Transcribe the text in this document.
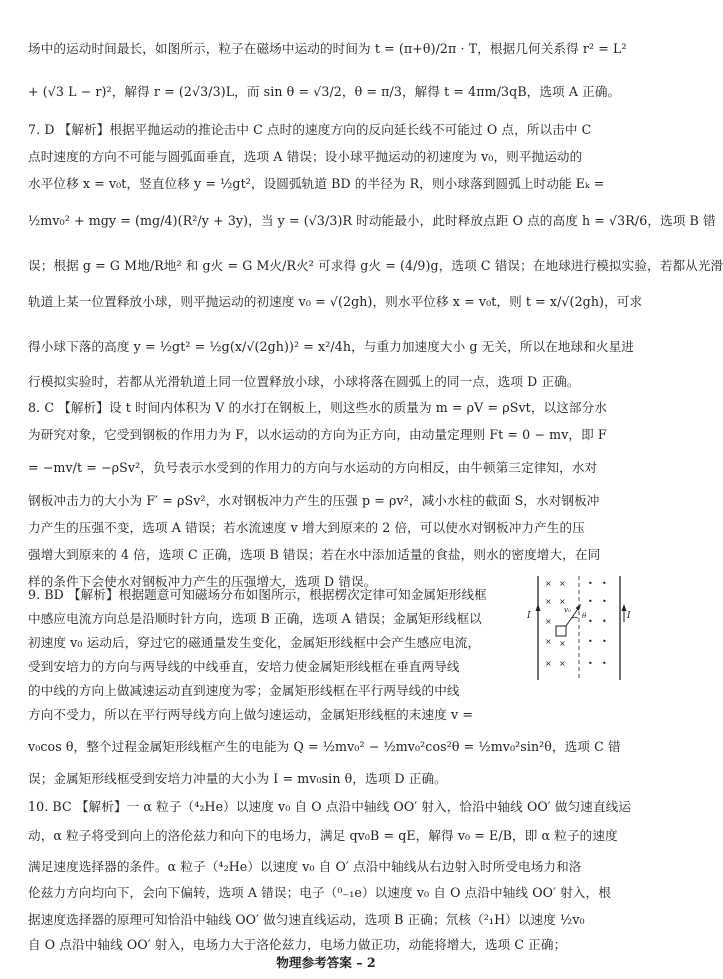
场中的运动时间最长，如图所示，粒子在磁场中运动的时间为 t = (π+θ)/2π · T，根据几何关系得 r² = L²
+ (√3 L − r)²，解得 r = (2√3/3)L，而 sin θ = √3/2，θ = π/3，解得 t = 4πm/3qB，选项 A 正确。
7. D 【解析】根据平抛运动的推论击中 C 点时的速度方向的反向延长线不可能过 O 点，所以击中 C
点时速度的方向不可能与圆弧面垂直，选项 A 错误；设小球平抛运动的初速度为 v₀，则平抛运动的
水平位移 x = v₀t，竖直位移 y = ½gt²，设圆弧轨道 BD 的半径为 R，则小球落到圆弧上时动能 Eₖ =
½mv₀² + mgy = (mg/4)(R²/y + 3y)，当 y = (√3/3)R 时动能最小，此时释放点距 O 点的高度 h = √3R/6，选项 B 错
误；根据 g = G M地/R地² 和 g火 = G M火/R火² 可求得 g火 = (4/9)g，选项 C 错误；在地球进行模拟实验，若都从光滑
轨道上某一位置释放小球，则平抛运动的初速度 v₀ = √(2gh)，则水平位移 x = v₀t，则 t = x/√(2gh)，可求
得小球下落的高度 y = ½gt² = ½g(x/√(2gh))² = x²/4h，与重力加速度大小 g 无关，所以在地球和火星进
行模拟实验时，若都从光滑轨道上同一位置释放小球，小球将落在圆弧上的同一点，选项 D 正确。
8. C 【解析】设 t 时间内体积为 V 的水打在钢板上，则这些水的质量为 m = ρV = ρSvt，以这部分水
为研究对象，它受到钢板的作用力为 F，以水运动的方向为正方向，由动量定理则 Ft = 0 − mv，即 F
= −mv/t = −ρSv²，负号表示水受到的作用力的方向与水运动的方向相反，由牛顿第三定律知，水对
钢板冲击力的大小为 F′ = ρSv²，水对钢板冲力产生的压强 p = ρv²，减小水柱的截面 S，水对钢板冲
力产生的压强不变，选项 A 错误；若水流速度 v 增大到原来的 2 倍，可以使水对钢板冲力产生的压
强增大到原来的 4 倍，选项 C 正确，选项 B 错误；若在水中添加适量的食盐，则水的密度增大，在同
样的条件下会使水对钢板冲力产生的压强增大，选项 D 错误。
9. BD 【解析】根据题意可知磁场分布如图所示，根据楞次定律可知金属矩形线框
中感应电流方向总是沿顺时针方向，选项 B 正确，选项 A 错误；金属矩形线框以
初速度 v₀ 运动后，穿过它的磁通量发生变化，金属矩形线框中会产生感应电流，
受到安培力的方向与两导线的中线垂直，安培力使金属矩形线框在垂直两导线
的中线的方向上做减速运动直到速度为零；金属矩形线框在平行两导线的中线
方向不受力，所以在平行两导线方向上做匀速运动，金属矩形线框的末速度 v =
v₀cos θ，整个过程金属矩形线框产生的电能为 Q = ½mv₀² − ½mv₀²cos²θ = ½mv₀²sin²θ，选项 C 错
误；金属矩形线框受到安培力冲量的大小为 I = mv₀sin θ，选项 D 正确。
10. BC 【解析】一 α 粒子（⁴₂He）以速度 v₀ 自 O 点沿中轴线 OO′ 射入，恰沿中轴线 OO′ 做匀速直线运
动，α 粒子将受到向上的洛伦兹力和向下的电场力，满足 qv₀B = qE，解得 v₀ = E/B，即 α 粒子的速度
满足速度选择器的条件。α 粒子（⁴₂He）以速度 v₀ 自 O′ 点沿中轴线从右边射入时所受电场力和洛
伦兹力方向均向下，会向下偏转，选项 A 错误；电子（⁰₋₁e）以速度 v₀ 自 O 点沿中轴线 OO′ 射入，根
据速度选择器的原理可知恰沿中轴线 OO′ 做匀速直线运动，选项 B 正确；氘核（²₁H）以速度 ½v₀
自 O 点沿中轴线 OO′ 射入，电场力大于洛伦兹力，电场力做正功，动能将增大，选项 C 正确；
× ×
× ×
×
× ×
× ×
• •
• •
• •
• •
• •
I	I
v₀
θ
物理参考答案 – 2
